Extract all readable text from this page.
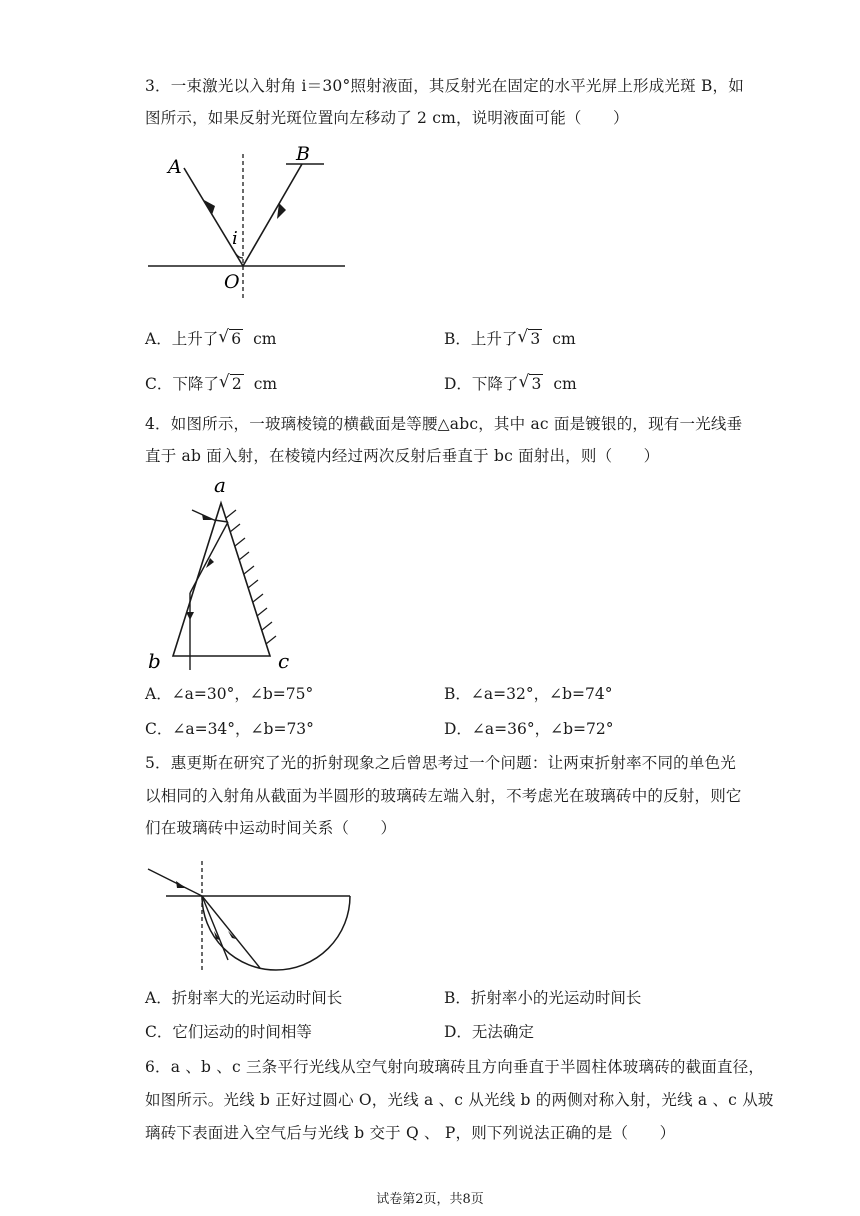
3．一束激光以入射角 i＝30°照射液面，其反射光在固定的水平光屏上形成光斑 B，如
图所示，如果反射光斑位置向左移动了 2 cm，说明液面可能（　　）
A
B
i
O
A．上升了 √ 6 cm	B．上升了 √ 3 cm
C．下降了 √ 2 cm	D．下降了 √ 3 cm
4．如图所示，一玻璃棱镜的横截面是等腰△abc，其中 ac 面是镀银的，现有一光线垂
直于 ab 面入射，在棱镜内经过两次反射后垂直于 bc 面射出，则（　　）
a
b	c
A．∠a=30°，∠b=75°	B．∠a=32°，∠b=74°
C．∠a=34°，∠b=73°	D．∠a=36°，∠b=72°
5．惠更斯在研究了光的折射现象之后曾思考过一个问题：让两束折射率不同的单色光
以相同的入射角从截面为半圆形的玻璃砖左端入射，不考虑光在玻璃砖中的反射，则它
们在玻璃砖中运动时间关系（　　）
A．折射率大的光运动时间长	B．折射率小的光运动时间长
C．它们运动的时间相等	D．无法确定
6．a 、b 、c 三条平行光线从空气射向玻璃砖且方向垂直于半圆柱体玻璃砖的截面直径，
如图所示。光线 b 正好过圆心 O，光线 a 、c 从光线 b 的两侧对称入射，光线 a 、c 从玻
璃砖下表面进入空气后与光线 b 交于 Q 、 P，则下列说法正确的是（　　）
试卷第2页，共8页
